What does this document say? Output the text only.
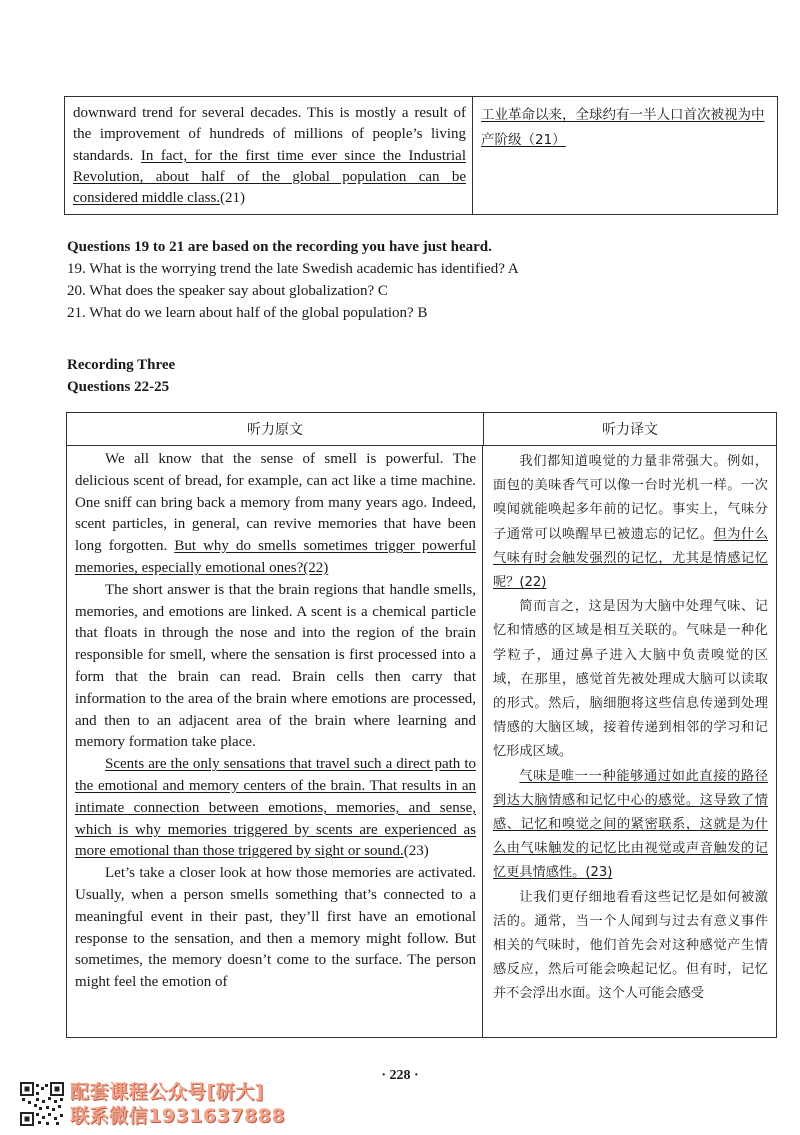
downward trend for several decades. This is mostly a result of the improvement of hundreds of millions of people’s living standards. In fact, for the first time ever since the Industrial Revolution, about half of the global population can be considered middle class.(21)
工业革命以来，全球约有一半人口首次被视为中产阶级（21）
Questions 19 to 21 are based on the recording you have just heard.
19. What is the worrying trend the late Swedish academic has identified? A
20. What does the speaker say about globalization? C
21. What do we learn about half of the global population? B
Recording Three
Questions 22-25
听力原文	听力译文

We all know that the sense of smell is powerful. The delicious scent of bread, for example, can act like a time machine. One sniff can bring back a memory from many years ago. Indeed, scent particles, in general, can revive memories that have been long forgotten. But why do smells sometimes trigger powerful memories, especially emotional ones?(22)

The short answer is that the brain regions that handle smells, memories, and emotions are linked. A scent is a chemical particle that floats in through the nose and into the region of the brain responsible for smell, where the sensation is first processed into a form that the brain can read. Brain cells then carry that information to the area of the brain where emotions are processed, and then to an adjacent area of the brain where learning and memory formation take place.

Scents are the only sensations that travel such a direct path to the emotional and memory centers of the brain. That results in an intimate connection between emotions, memories, and sense, which is why memories triggered by scents are experienced as more emotional than those triggered by sight or sound.(23)

Let’s take a closer look at how those memories are activated. Usually, when a person smells something that’s connected to a meaningful event in their past, they’ll first have an emotional response to the sensation, and then a memory might follow. But sometimes, the memory doesn’t come to the surface. The person might feel the emotion of

我们都知道嗅觉的力量非常强大。例如，面包的美味香气可以像一台时光机一样。一次嗅闻就能唤起多年前的记忆。事实上，气味分子通常可以唤醒早已被遗忘的记忆。但为什么气味有时会触发强烈的记忆，尤其是情感记忆呢？(22)

简而言之，这是因为大脑中处理气味、记忆和情感的区域是相互关联的。气味是一种化学粒子，通过鼻子进入大脑中负责嗅觉的区域，在那里，感觉首先被处理成大脑可以读取的形式。然后，脑细胞将这些信息传递到处理情感的大脑区域，接着传递到相邻的学习和记忆形成区域。

气味是唯一一种能够通过如此直接的路径到达大脑情感和记忆中心的感觉。这导致了情感、记忆和嗅觉之间的紧密联系，这就是为什么由气味触发的记忆比由视觉或声音触发的记忆更具情感性。(23)

让我们更仔细地看看这些记忆是如何被激活的。通常，当一个人闻到与过去有意义事件相关的气味时，他们首先会对这种感觉产生情感反应，然后可能会唤起记忆。但有时，记忆并不会浮出水面。这个人可能会感受

· 228 ·
配套课程公众号[研大]
联系微信1931637888
